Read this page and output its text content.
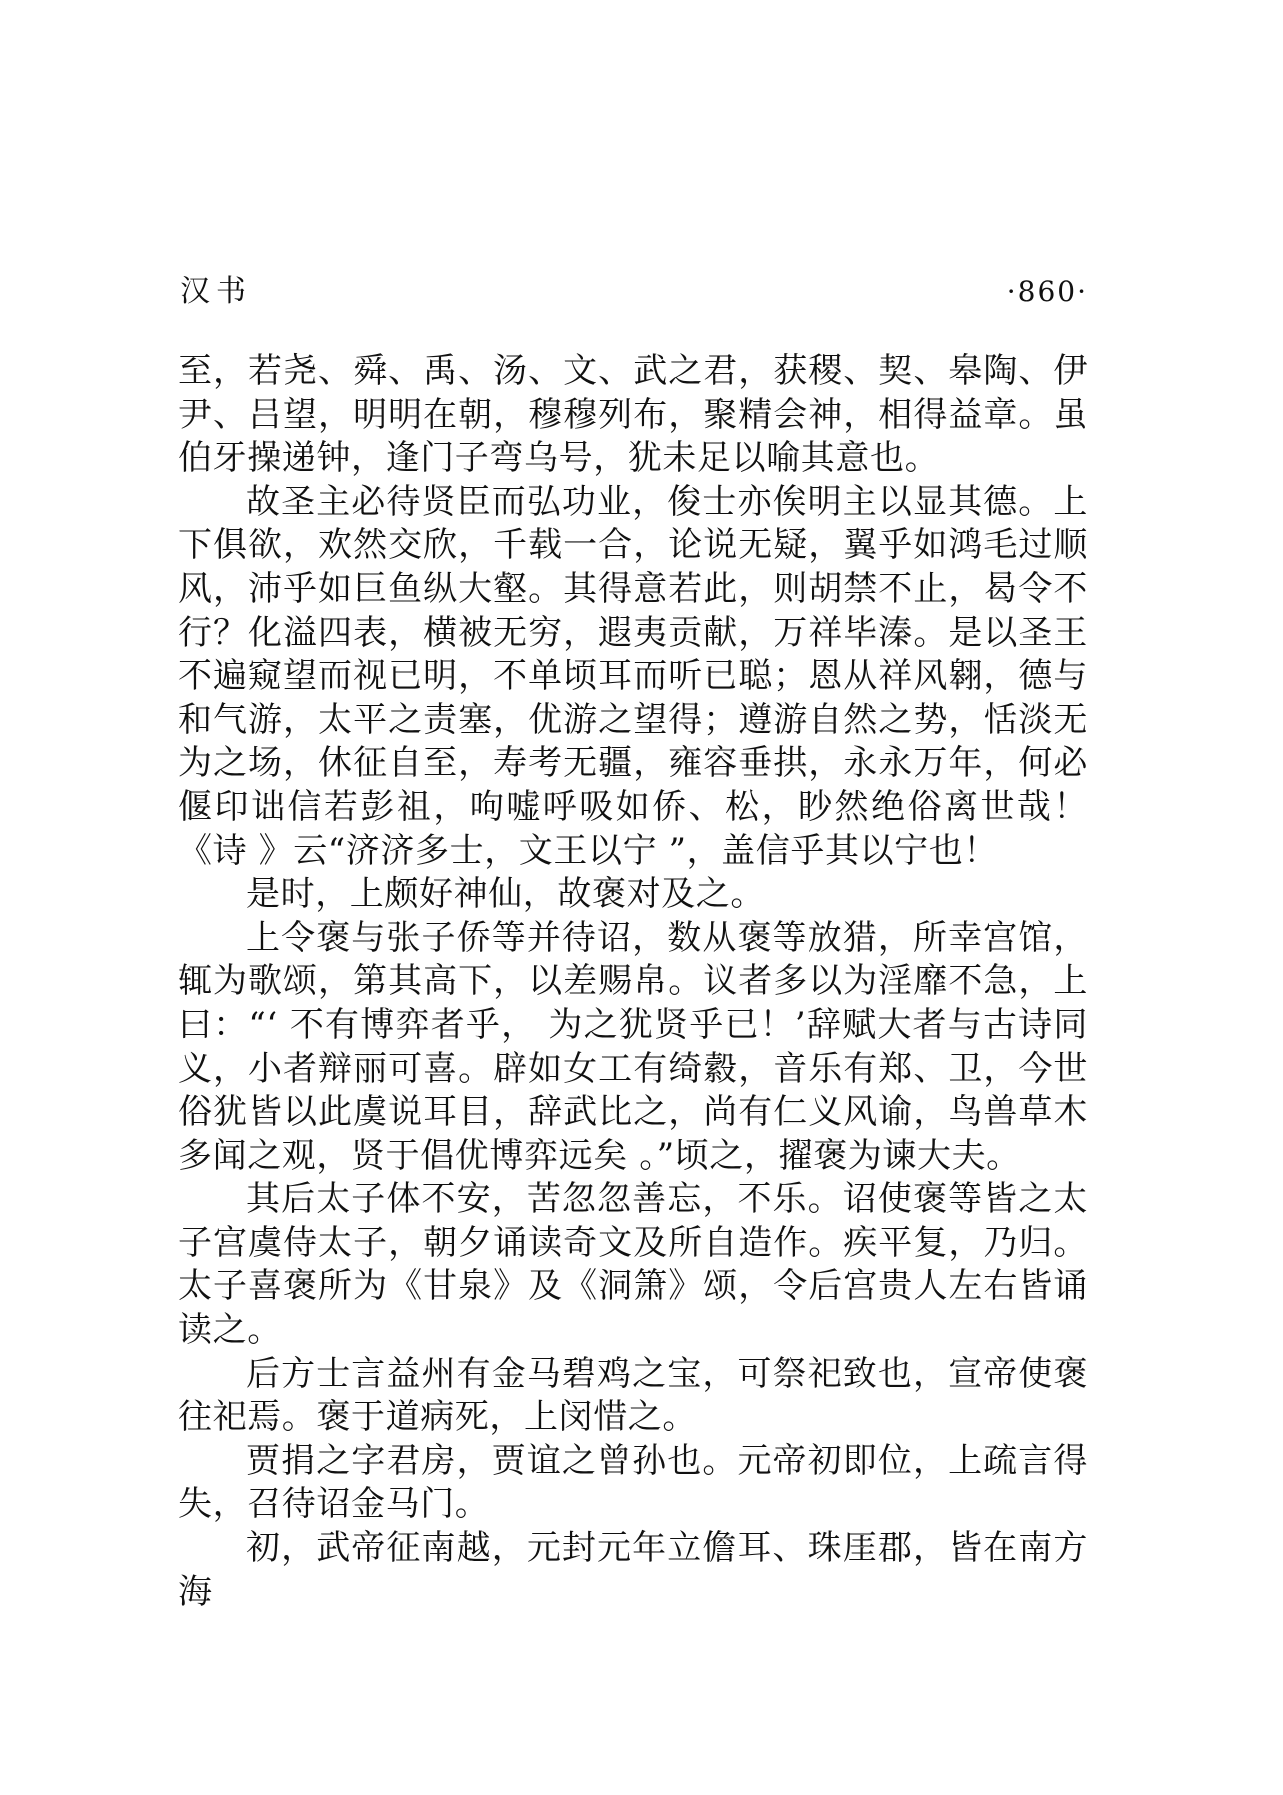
汉书	·860·

至，若尧、舜、禹、汤、文、武之君，获稷、契、皋陶、伊尹、吕望，明明在朝，穆穆列布，聚精会神，相得益章。虽伯牙操递钟，逢门子弯乌号，犹未足以喻其意也。

故圣主必待贤臣而弘功业，俊士亦俟明主以显其德。上下俱欲，欢然交欣，千载一合，论说无疑，翼乎如鸿毛过顺风，沛乎如巨鱼纵大壑。其得意若此，则胡禁不止，曷令不行？化溢四表，横被无穷，遐夷贡献，万祥毕溱。是以圣王不遍窥望而视已明，不单顷耳而听已聪；恩从祥风翱，德与和气游，太平之责塞，优游之望得；遵游自然之势，恬淡无为之场，休征自至，寿考无疆，雍容垂拱，永永万年，何必偃印诎信若彭祖，呴嘘呼吸如侨、松，眇然绝俗离世哉！《诗 》云“济济多士，文王以宁 ”，盖信乎其以宁也！

是时，上颇好神仙，故褒对及之。

上令褒与张子侨等并待诏，数从褒等放猎，所幸宫馆，辄为歌颂，第其高下，以差赐帛。议者多以为淫靡不急，上曰：“‘ 不有博弈者乎， 为之犹贤乎已！’辞赋大者与古诗同义，小者辩丽可喜。辟如女工有绮縠，音乐有郑、卫，今世俗犹皆以此虞说耳目，辞武比之，尚有仁义风谕，鸟兽草木多闻之观，贤于倡优博弈远矣 。”顷之，擢褒为谏大夫。

其后太子体不安，苦忽忽善忘，不乐。诏使褒等皆之太子宫虞侍太子，朝夕诵读奇文及所自造作。疾平复，乃归。太子喜褒所为《甘泉》及《洞箫》颂，令后宫贵人左右皆诵读之。

后方士言益州有金马碧鸡之宝，可祭祀致也，宣帝使褒往祀焉。褒于道病死，上闵惜之。

贾捐之字君房，贾谊之曾孙也。元帝初即位，上疏言得失，召待诏金马门。

初，武帝征南越，元封元年立儋耳、珠厓郡，皆在南方海
